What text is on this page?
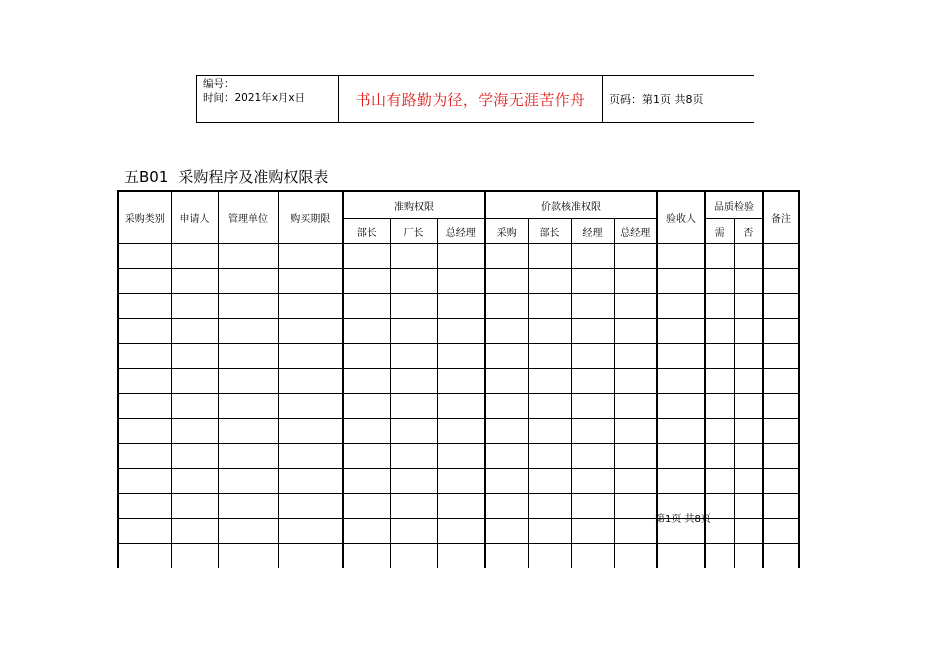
编号：
时间：2021年x月x日	书山有路勤为径，学海无涯苦作舟	页码：第1页 共8页
五B01 采购程序及准购权限表
采购类别	申请人	管理单位	购买期限	准购权限			价款核准权限				验收人	品质检验		备注
				部长	厂长	总经理	采购	部长	经理	总经理		需	否	

第1页 共8页
